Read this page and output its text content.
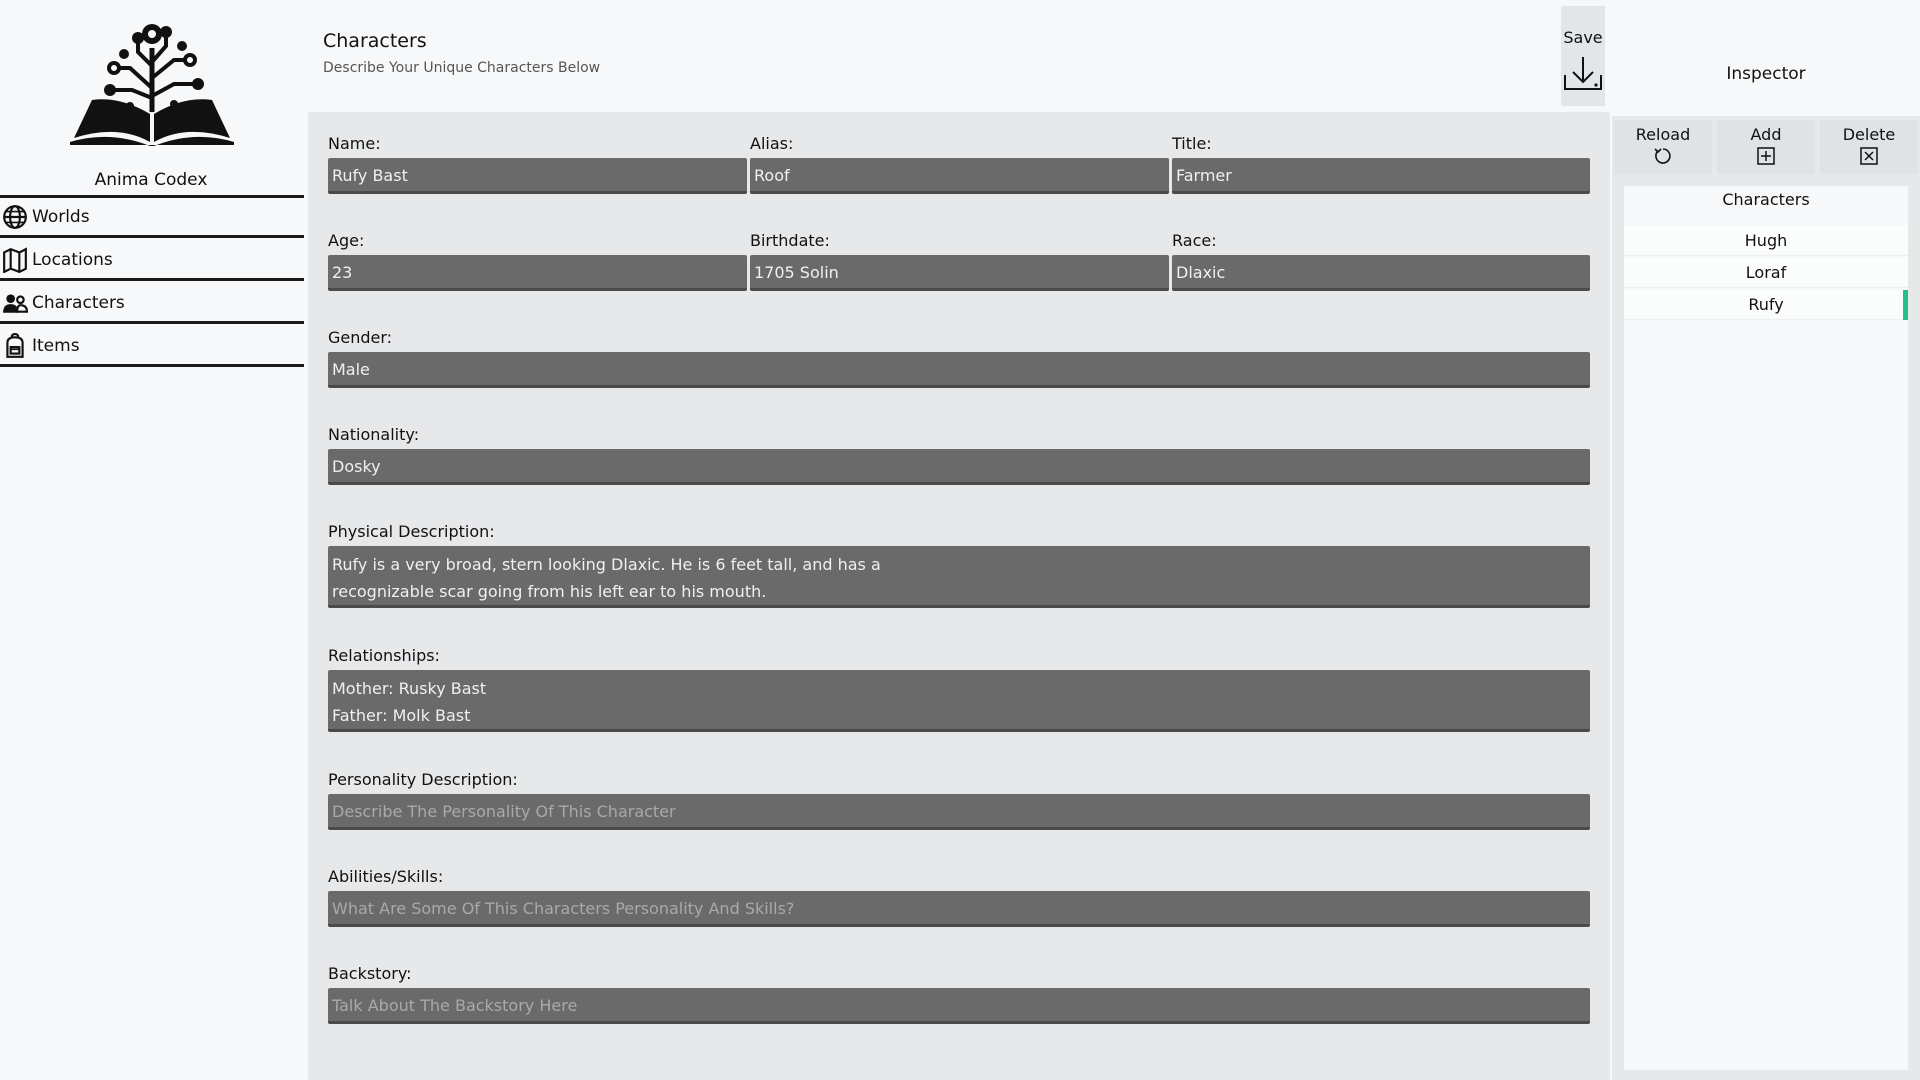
Anima Codex
Worlds
Locations
Characters
Items
Characters
Describe Your Unique Characters Below
Save
Name:
Rufy Bast
Alias:
Roof
Title:
Farmer
Age:
23
Birthdate:
1705 Solin
Race:
Dlaxic
Gender:
Male
Nationality:
Dosky
Physical Description:
Rufy is a very broad, stern looking Dlaxic. He is 6 feet tall, and has a
recognizable scar going from his left ear to his mouth.
Relationships:
Mother: Rusky Bast
Father: Molk Bast
Personality Description:
Describe The Personality Of This Character
Abilities/Skills:
What Are Some Of This Characters Personality And Skills?
Backstory:
Talk About The Backstory Here
Inspector
Reload	Add	Delete
Characters
Hugh
Loraf
Rufy
